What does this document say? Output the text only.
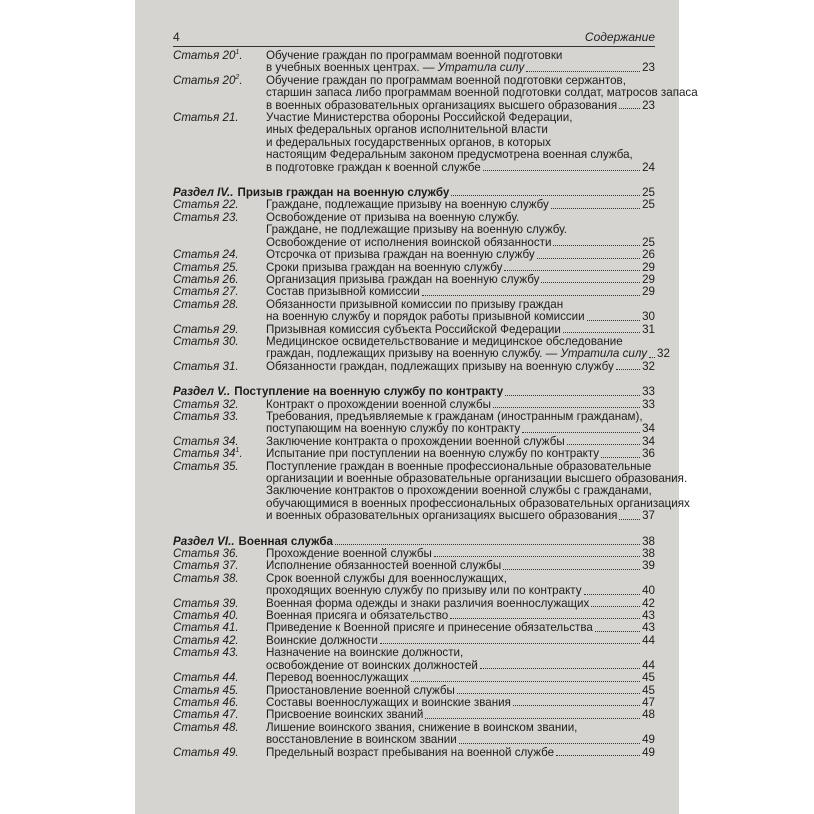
4	Содержание
Статья $20^1$.	Обучение граждан по программам военной подготовки
в учебных военных центрах. — Утратила силу	23
Статья $20^2$.	Обучение граждан по программам военной подготовки сержантов,
старшин запаса либо программам военной подготовки солдат, матросов запаса
в военных образовательных организациях высшего образования 23
Статья 21.	Участие Министерства обороны Российской Федерации,
иных федеральных органов исполнительной власти
и федеральных государственных органов, в которых
настоящим Федеральным законом предусмотрена военная служба,
в подготовке граждан к военной службе	24
Раздел IV.. Призыв граждан на военную службу	25
Статья 22.	Граждане, подлежащие призыву на военную службу	25
Статья 23.	Освобождение от призыва на военную службу.
Граждане, не подлежащие призыву на военную службу.
Освобождение от исполнения воинской обязанности	25
Статья 24.	Отсрочка от призыва граждан на военную службу	26
Статья 25.	Сроки призыва граждан на военную службу	29
Статья 26.	Организация призыва граждан на военную службу	29
Статья 27.	Состав призывной комиссии	29
Статья 28.	Обязанности призывной комиссии по призыву граждан
на военную службу и порядок работы призывной комиссии	30
Статья 29.	Призывная комиссия субъекта Российской Федерации	31
Статья 30.	Медицинское освидетельствование и медицинское обследование
граждан, подлежащих призыву на военную службу. — Утратила силу 32
Статья 31.	Обязанности граждан, подлежащих призыву на военную службу 32
Раздел V.. Поступление на военную службу по контракту	33
Статья 32.	Контракт о прохождении военной службы	33
Статья 33.	Требования, предъявляемые к гражданам (иностранным гражданам),
поступающим на военную службу по контракту	34
Статья 34.	Заключение контракта о прохождении военной службы	34
Статья $34^1$.	Испытание при поступлении на военную службу по контракту	36
Статья 35.	Поступление граждан в военные профессиональные образовательные
организации и военные образовательные организации высшего образования.
Заключение контрактов о прохождении военной службы с гражданами,
обучающимися в военных профессиональных образовательных организациях
и военных образовательных организациях высшего образования 37
Раздел VI.. Военная служба	38
Статья 36.	Прохождение военной службы	38
Статья 37.	Исполнение обязанностей военной службы	39
Статья 38.	Срок военной службы для военнослужащих,
проходящих военную службу по призыву или по контракту	40
Статья 39.	Военная форма одежды и знаки различия военнослужащих	42
Статья 40.	Военная присяга и обязательство	43
Статья 41.	Приведение к Военной присяге и принесение обязательства	43
Статья 42.	Воинские должности	44
Статья 43.	Назначение на воинские должности,
освобождение от воинских должностей	44
Статья 44.	Перевод военнослужащих	45
Статья 45.	Приостановление военной службы	45
Статья 46.	Составы военнослужащих и воинские звания	47
Статья 47.	Присвоение воинских званий	48
Статья 48.	Лишение воинского звания, снижение в воинском звании,
восстановление в воинском звании	49
Статья 49.	Предельный возраст пребывания на военной службе	49
